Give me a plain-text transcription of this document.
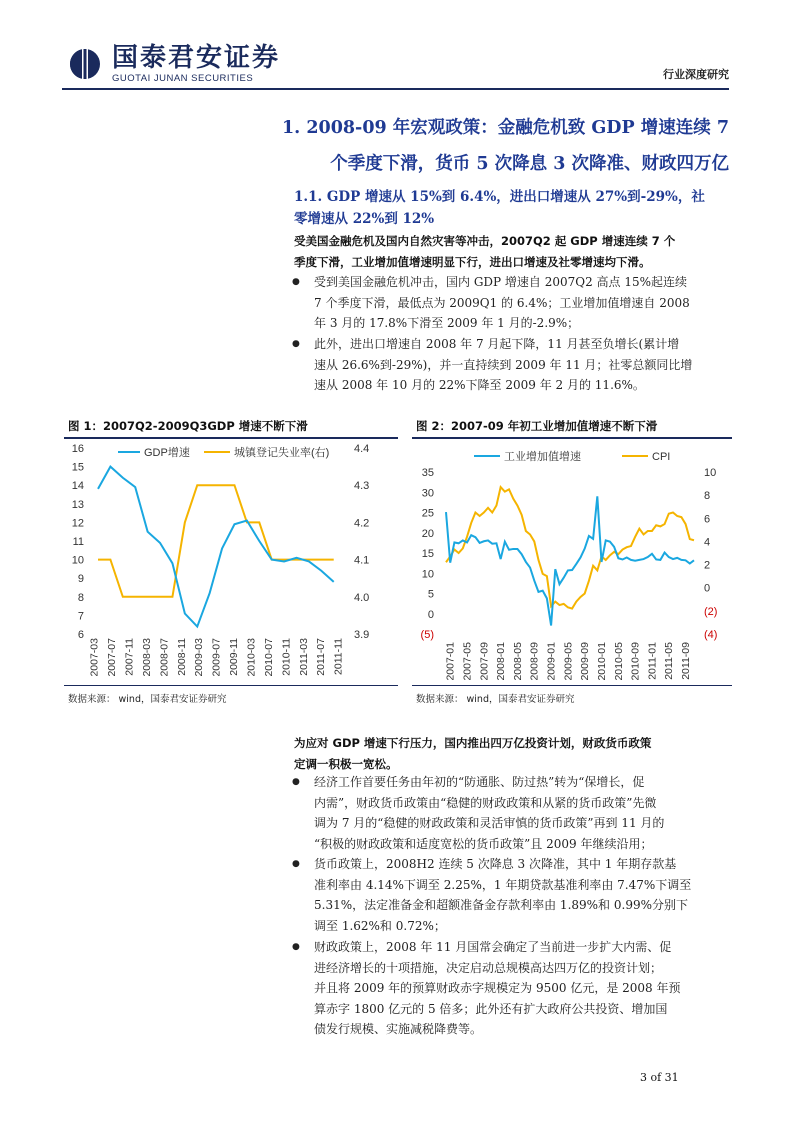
国泰君安证券
GUOTAI JUNAN SECURITIES	行业深度研究
1. 2008-09 年宏观政策：金融危机致 GDP 增速连续 7
个季度下滑，货币 5 次降息 3 次降准、财政四万亿
1.1. GDP 增速从 15%到 6.4%，进出口增速从 27%到-29%，社
零增速从 22%到 12%
受美国金融危机及国内自然灾害等冲击，2007Q2 起 GDP 增速连续 7 个
季度下滑，工业增加值增速明显下行，进出口增速及社零增速均下滑。
●	受到美国金融危机冲击，国内 GDP 增速自 2007Q2 高点 15%起连续
7 个季度下滑，最低点为 2009Q1 的 6.4%；工业增加值增速自 2008
年 3 月的 17.8%下滑至 2009 年 1 月的-2.9%；
●	此外，进出口增速自 2008 年 7 月起下降，11 月甚至负增长(累计增
速从 26.6%到-29%)，并一直持续到 2009 年 11 月；社零总额同比增
速从 2008 年 10 月的 22%下降至 2009 年 2 月的 11.6%。
图 1：2007Q2-2009Q3GDP 增速不断下滑	图 2：2007-09 年初工业增加值增速不断下滑
16
15
14
13
12
11
10
9
8
7
6
4.4
4.3
4.2
4.1
4.0
3.9
2007-03 2007-07 2007-11 2008-03 2008-07 2008-11 2009-03 2009-07 2009-11 2010-03 2010-07 2010-11 2011-03 2011-07 2011-11
GDP增速	城镇登记失业率(右)
35
30
25
20
15
10
5
0
(5)
10
8
6
4
2
0
(2)
(4)
2007-01 2007-05 2007-09 2008-01 2008-05 2008-09 2009-01 2009-05 2009-09 2010-01 2010-05 2010-09 2011-01 2011-05 2011-09
工业增加值增速	CPI
数据来源： wind，国泰君安证券研究	数据来源： wind，国泰君安证券研究
为应对 GDP 增速下行压力，国内推出四万亿投资计划，财政货币政策
定调一积极一宽松。
●	经济工作首要任务由年初的“防通胀、防过热”转为“保增长，促
内需”，财政货币政策由“稳健的财政政策和从紧的货币政策”先微
调为 7 月的“稳健的财政政策和灵活审慎的货币政策”再到 11 月的
“积极的财政政策和适度宽松的货币政策”且 2009 年继续沿用；
●	货币政策上，2008H2 连续 5 次降息 3 次降准，其中 1 年期存款基
准利率由 4.14%下调至 2.25%，1 年期贷款基准利率由 7.47%下调至
5.31%，法定准备金和超额准备金存款利率由 1.89%和 0.99%分别下
调至 1.62%和 0.72%；
●	财政政策上，2008 年 11 月国常会确定了当前进一步扩大内需、促
进经济增长的十项措施，决定启动总规模高达四万亿的投资计划；
并且将 2009 年的预算财政赤字规模定为 9500 亿元，是 2008 年预
算赤字 1800 亿元的 5 倍多；此外还有扩大政府公共投资、增加国
债发行规模、实施减税降费等。
3 of 31
